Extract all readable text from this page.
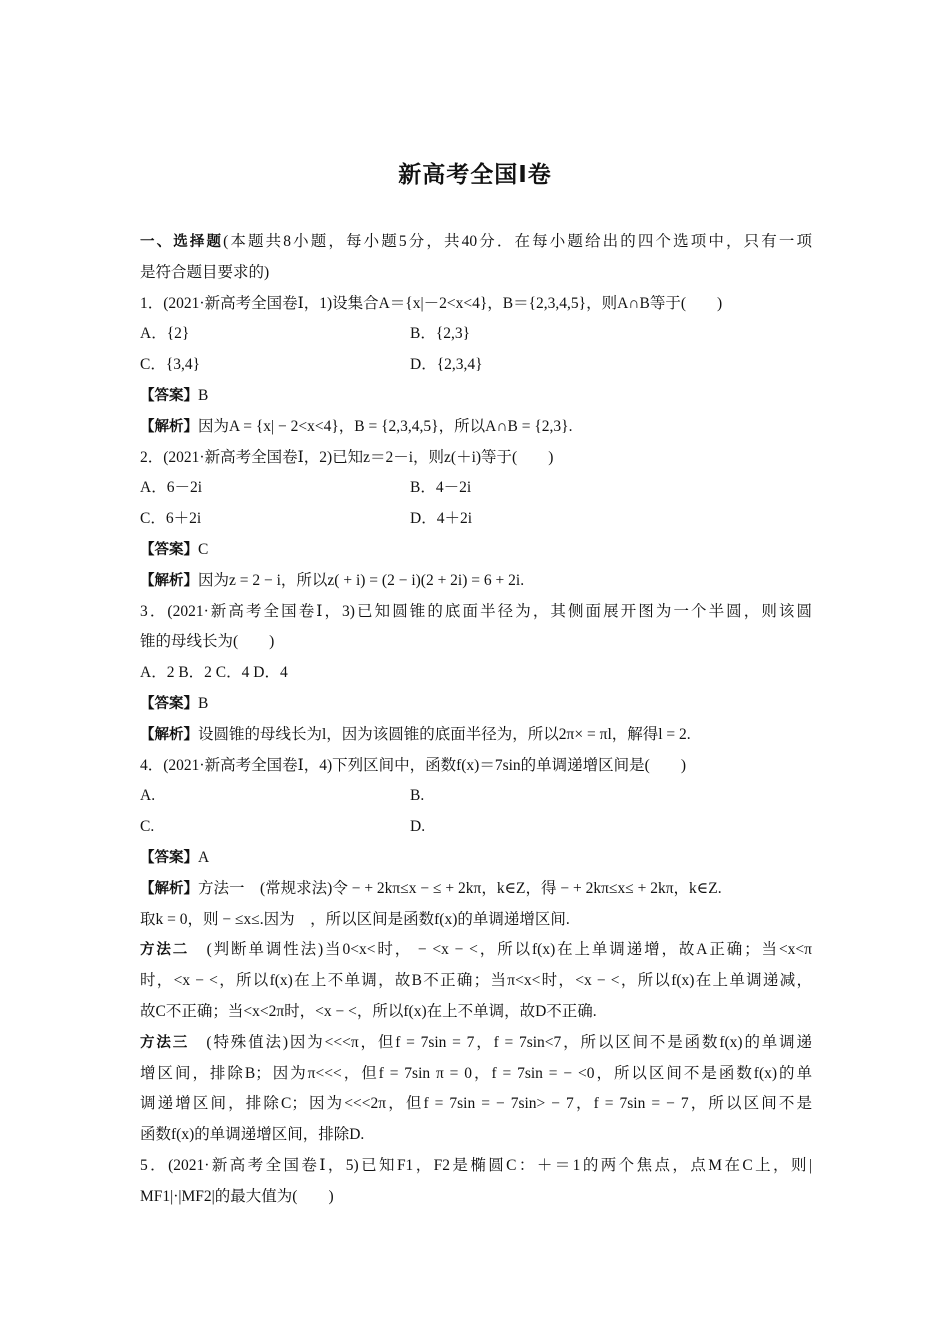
新高考全国Ⅰ卷
一、选择题(本题共8小题，每小题5分，共40分．在每小题给出的四个选项中，只有一项
是符合题目要求的)
1．(2021·新高考全国卷Ⅰ，1)设集合A＝{x|－2<x<4}，B＝{2,3,4,5}，则A∩B等于(　　)
A．{2}	B．{2,3}
C．{3,4}	D．{2,3,4}
【答案】B
【解析】因为A = {x| − 2<x<4}，B = {2,3,4,5}，所以A∩B = {2,3}.
2．(2021·新高考全国卷Ⅰ，2)已知z＝2－i，则z(＋i)等于(　　)
A．6－2i	B．4－2i
C．6＋2i	D．4＋2i
【答案】C
【解析】因为z = 2 − i，所以z( + i) = (2 − i)(2 + 2i) = 6 + 2i.
3．(2021·新高考全国卷Ⅰ，3)已知圆锥的底面半径为，其侧面展开图为一个半圆，则该圆
锥的母线长为(　　)
A．2 B．2 C．4 D．4
【答案】B
【解析】设圆锥的母线长为l，因为该圆锥的底面半径为，所以2π× = πl，解得l = 2.
4．(2021·新高考全国卷Ⅰ，4)下列区间中，函数f(x)＝7sin的单调递增区间是(　　)
A.	B.
C.	D.
【答案】A
【解析】方法一　(常规求法)令 − + 2kπ≤x − ≤ + 2kπ，k∈Z，得 − + 2kπ≤x≤ + 2kπ，k∈Z.
取k = 0，则 − ≤x≤.因为　，所以区间是函数f(x)的单调递增区间.
方法二　(判断单调性法)当0<x<时， − <x − <，所以f(x)在上单调递增，故A正确；当<x<π
时，<x − <，所以f(x)在上不单调，故B不正确；当π<x<时，<x − <，所以f(x)在上单调递减，
故C不正确；当<x<2π时，<x − <，所以f(x)在上不单调，故D不正确.
方法三　(特殊值法)因为<<<π，但f = 7sin = 7，f = 7sin<7，所以区间不是函数f(x)的单调递
增区间，排除B；因为π<<<，但f = 7sin π = 0，f = 7sin = − <0，所以区间不是函数f(x)的单
调递增区间，排除C；因为<<<2π，但f = 7sin = − 7sin> − 7，f = 7sin = − 7，所以区间不是
函数f(x)的单调递增区间，排除D.
5．(2021·新高考全国卷Ⅰ，5)已知F1，F2是椭圆C：＋＝1的两个焦点，点M在C上，则|
MF1|·|MF2|的最大值为(　　)
